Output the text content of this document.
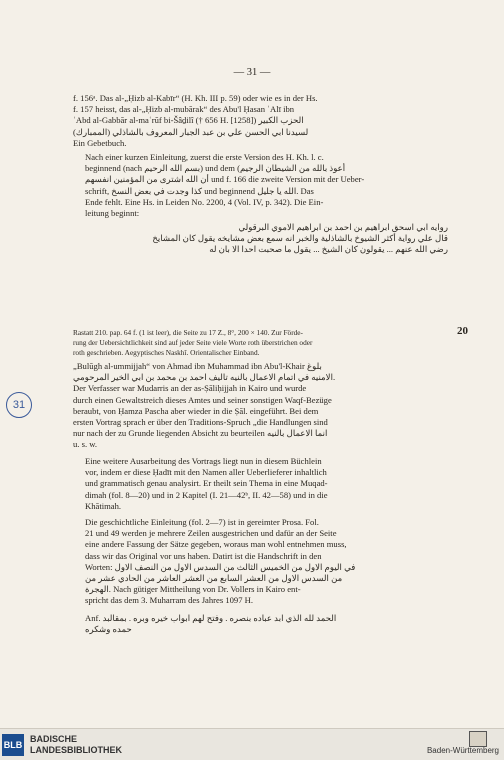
— 31 —
f. 156ᵃ. Das al-„Ḥizb al-Kabīr“ (H. Kh. III p. 59) oder wie es in der Hs.
f. 157 heisst, das al-„Ḥizb al-mubārak“ des Abu'l Ḥasan ʿAlī ibn
ʿAbd al-Gabbār al-maʿrūf bi-Šâḏilî († 656 H. [1258]) الحزب الكبير
(الممبارك) لسيدنا ابي الحسن علي بن عبد الجبار المعروف بالشاذلي
Ein Gebetbuch.
Nach einer kurzen Einleitung, zuerst die erste Version des H. Kh. l. c.
beginnend (nach بسم الله الرحيم) und dem (أعوذ بالله من الشيطان الرجيم
أن الله اشترى من المؤمنين انفسهم und f. 166 die zweite Version mit der Ueber-
schrift, كذا وجدت في بعض النسخ und beginnend الله يا جليل. Das
Ende fehlt. Eine Hs. in Leiden No. 2200, 4 (Vol. IV, p. 342). Die Ein-
leitung beginnt:
روايه ابي اسحق ابراهيم بن احمد بن ابراهيم الاموي البرقولي
قال علي رواية أكثر الشيوخ بالشاذلية والخبر انه سمع بعض مشايخه يقول كان المشايخ
رضي الله عنهم ... يقولون كان الشيخ ... يقول ما صحبت احدا الا بان له
Rastatt 210. pap. 64 f. (1 ist leer), die Seite zu 17 Z., 8°, 200 × 140. Zur Förde-
rung der Uebersichtlichkeit sind auf jeder Seite viele Worte roth überstrichen oder
roth geschrieben. Aegyptisches Naskhî. Orientalischer Einband.
„Bulūgh al-ummijjah“ von Ahmad ibn Muhammad ibn Abu'l-Khair بلوغ
الامنيه في اتمام الاعمال بالنيه تاليف احمد بن محمد بن ابي الخير المرحومي.
Der Verfasser war Mudarris an der as-Ṣāliḥijjah in Kairo und wurde
durch einen Gewaltstreich dieses Amtes und seiner sonstigen Waqf-Bezüge
beraubt, von Ḥamza Pascha aber wieder in die Ṣāl. eingeführt. Bei dem
ersten Vortrag sprach er über den Traditions-Spruch „die Handlungen sind
nur nach der zu Grunde liegenden Absicht zu beurteilen انما الاعمال بالنيه
u. s. w.
Eine weitere Ausarbeitung des Vortrags liegt nun in diesem Büchlein
vor, indem er diese Ḥadīt mit den Namen aller Ueberlieferer inhaltlich
und grammatisch genau analysirt. Er theilt sein Thema in eine Muqad-
dimah (fol. 8—20) und in 2 Kapitel (I. 21—42ᵇ, II. 42—58) und in die
Khātimah.
Die geschichtliche Einleitung (fol. 2—7) ist in gereimter Prosa. Fol.
21 und 49 werden je mehrere Zeilen ausgestrichen und dafür an der Seite
eine andere Fassung der Sätze gegeben, woraus man wohl entnehmen muss,
dass wir das Original vor uns haben. Datirt ist die Handschrift in den
Worten: في اليوم الاول من الخميس الثالث من السدس الاول من النصف الاول
من السدس الاول من العشر السابع من العشر العاشر من الحادي عشر من
الهجرة. Nach gütiger Mittheilung von Dr. Vollers in Kairo ent-
spricht das dem 3. Muharram des Jahres 1097 H.
Anf. الحمد لله الذي ابد عباده بنصره . وفتح لهم ابواب خيره وبره . بمقالبد
حمده وشكره
20
31
BLB
BADISCHE
LANDESBIBLIOTHEK	Baden-Württemberg
